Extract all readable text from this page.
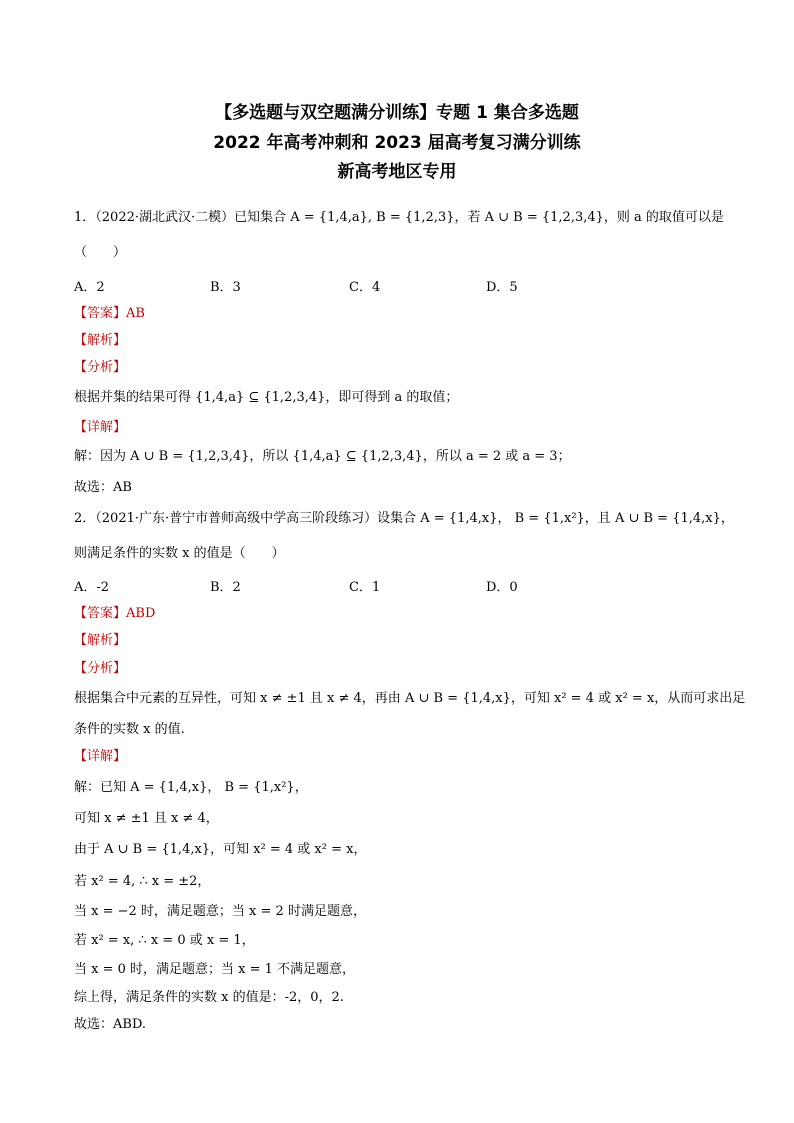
【多选题与双空题满分训练】专题 1 集合多选题
2022 年高考冲刺和 2023 届高考复习满分训练
新高考地区专用
1．（2022·湖北武汉·二模）已知集合 A = {1,4,a}, B = {1,2,3}，若 A ∪ B = {1,2,3,4}，则 a 的取值可以是
（　　）
A．2	B．3	C．4	D．5
【答案】AB
【解析】
【分析】
根据并集的结果可得 {1,4,a} ⊆ {1,2,3,4}，即可得到 a 的取值；
【详解】
解：因为 A ∪ B = {1,2,3,4}，所以 {1,4,a} ⊆ {1,2,3,4}，所以 a = 2 或 a = 3；
故选：AB
2．（2021·广东·普宁市普师高级中学高三阶段练习）设集合 A = {1,4,x}， B = {1,x²}，且 A ∪ B = {1,4,x}，
则满足条件的实数 x 的值是（　　）
A．-2	B．2	C．1	D．0
【答案】ABD
【解析】
【分析】
根据集合中元素的互异性，可知 x ≠ ±1 且 x ≠ 4，再由 A ∪ B = {1,4,x}，可知 x² = 4 或 x² = x，从而可求出足
条件的实数 x 的值.
【详解】
解：已知 A = {1,4,x}， B = {1,x²}，
可知 x ≠ ±1 且 x ≠ 4，
由于 A ∪ B = {1,4,x}，可知 x² = 4 或 x² = x，
若 x² = 4, ∴ x = ±2，
当 x = −2 时，满足题意；当 x = 2 时满足题意，
若 x² = x, ∴ x = 0 或 x = 1，
当 x = 0 时，满足题意；当 x = 1 不满足题意，
综上得，满足条件的实数 x 的值是：-2，0，2.
故选：ABD.
